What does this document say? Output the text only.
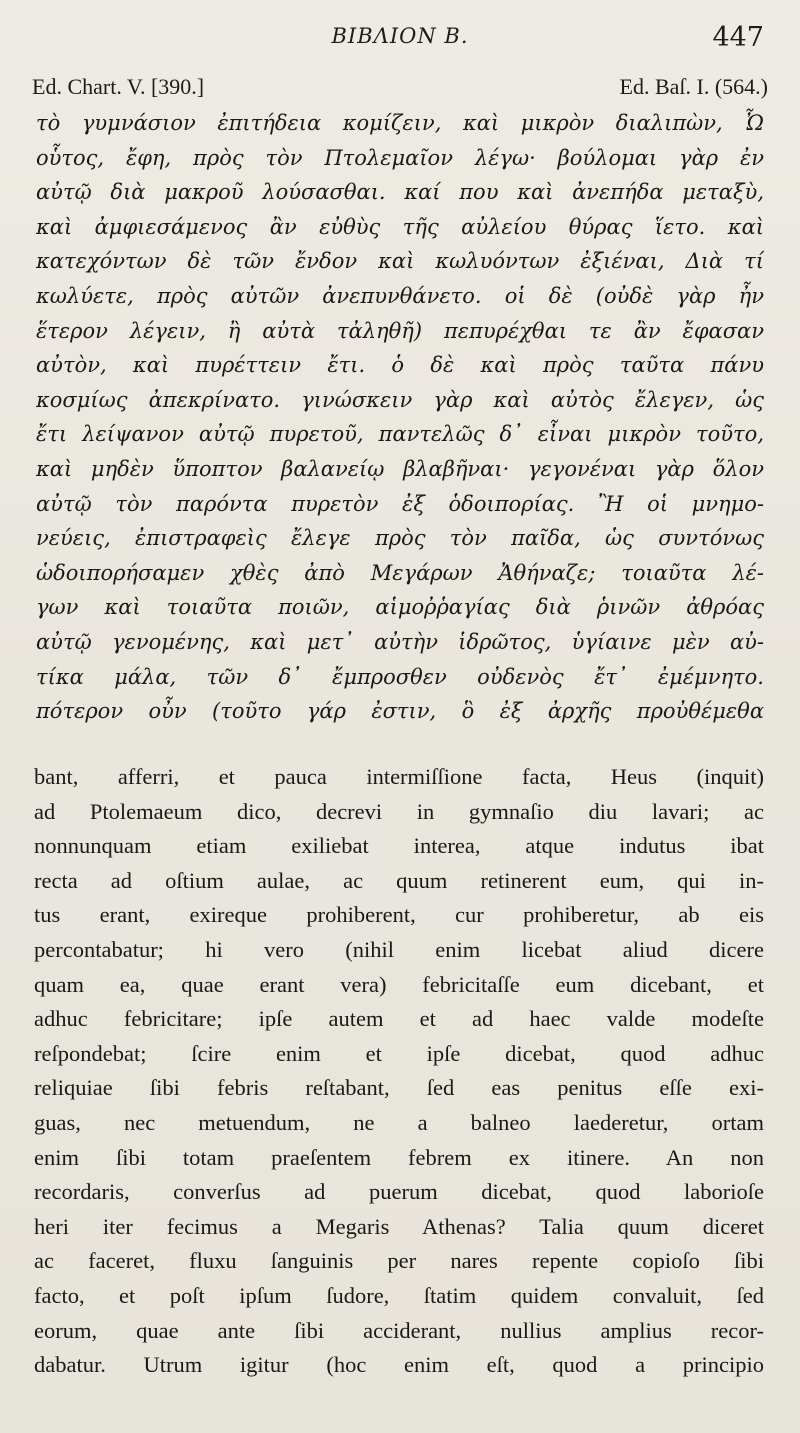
BIBΛION B.	447
Ed. Chart. V. [390.]	Ed. Baſ. I. (564.)
τὸ γυμνάσιον ἐπιτήδεια κομίζειν, καὶ μικρὸν διαλιπὼν, Ὦ
οὗτος, ἔφη, πρὸς τὸν Πτολεμαῖον λέγω· βούλομαι γὰρ ἐν
αὐτῷ διὰ μακροῦ λούσασθαι. καί που καὶ ἀνεπήδα μεταξὺ,
καὶ ἀμφιεσάμενος ἂν εὐθὺς τῆς αὐλείου θύρας ἵετο. καὶ
κατεχόντων δὲ τῶν ἔνδον καὶ κωλυόντων ἐξιέναι, Διὰ τί
κωλύετε, πρὸς αὐτῶν ἀνεπυνθάνετο. οἱ δὲ (οὐδὲ γὰρ ἦν
ἕτερον λέγειν, ἢ αὐτὰ τἀληθῆ) πεπυρέχθαι τε ἂν ἔφασαν
αὐτὸν, καὶ πυρέττειν ἔτι. ὁ δὲ καὶ πρὸς ταῦτα πάνυ
κοσμίως ἀπεκρίνατο. γινώσκειν γὰρ καὶ αὐτὸς ἔλεγεν, ὡς
ἔτι λείψανον αὐτῷ πυρετοῦ, παντελῶς δ᾽ εἶναι μικρὸν τοῦτο,
καὶ μηδὲν ὕποπτον βαλανείῳ βλαβῆναι· γεγονέναι γὰρ ὅλον
αὐτῷ τὸν παρόντα πυρετὸν ἐξ ὁδοιπορίας. Ἢ οἱ μνημο-
νεύεις, ἐπιστραφεὶς ἔλεγε πρὸς τὸν παῖδα, ὡς συντόνως
ὡδοιπορήσαμεν χθὲς ἀπὸ Μεγάρων Ἀθήναζε; τοιαῦτα λέ-
γων καὶ τοιαῦτα ποιῶν, αἱμοῤῥαγίας διὰ ῥινῶν ἀθρόας
αὐτῷ γενομένης, καὶ μετ᾽ αὐτὴν ἱδρῶτος, ὑγίαινε μὲν αὐ-
τίκα μάλα, τῶν δ᾽ ἔμπροσθεν οὐδενὸς ἔτ᾽ ἐμέμνητο.
πότερον οὖν (τοῦτο γάρ ἐστιν, ὃ ἐξ ἀρχῆς προὐθέμεθα
bant, afferri, et pauca intermiſſione facta, Heus (inquit)
ad Ptolemaeum dico, decrevi in gymnaſio diu lavari; ac
nonnunquam etiam exiliebat interea, atque indutus ibat
recta ad oſtium aulae, ac quum retinerent eum, qui in-
tus erant, exireque prohiberent, cur prohiberetur, ab eis
percontabatur; hi vero (nihil enim licebat aliud dicere
quam ea, quae erant vera) febricitaſſe eum dicebant, et
adhuc febricitare; ipſe autem et ad haec valde modeſte
reſpondebat; ſcire enim et ipſe dicebat, quod adhuc
reliquiae ſibi febris reſtabant, ſed eas penitus eſſe exi-
guas, nec metuendum, ne a balneo laederetur, ortam
enim ſibi totam praeſentem febrem ex itinere. An non
recordaris, converſus ad puerum dicebat, quod laborioſe
heri iter fecimus a Megaris Athenas? Talia quum diceret
ac faceret, fluxu ſanguinis per nares repente copioſo ſibi
facto, et poſt ipſum ſudore, ſtatim quidem convaluit, ſed
eorum, quae ante ſibi acciderant, nullius amplius recor-
dabatur. Utrum igitur (hoc enim eſt, quod a principio
